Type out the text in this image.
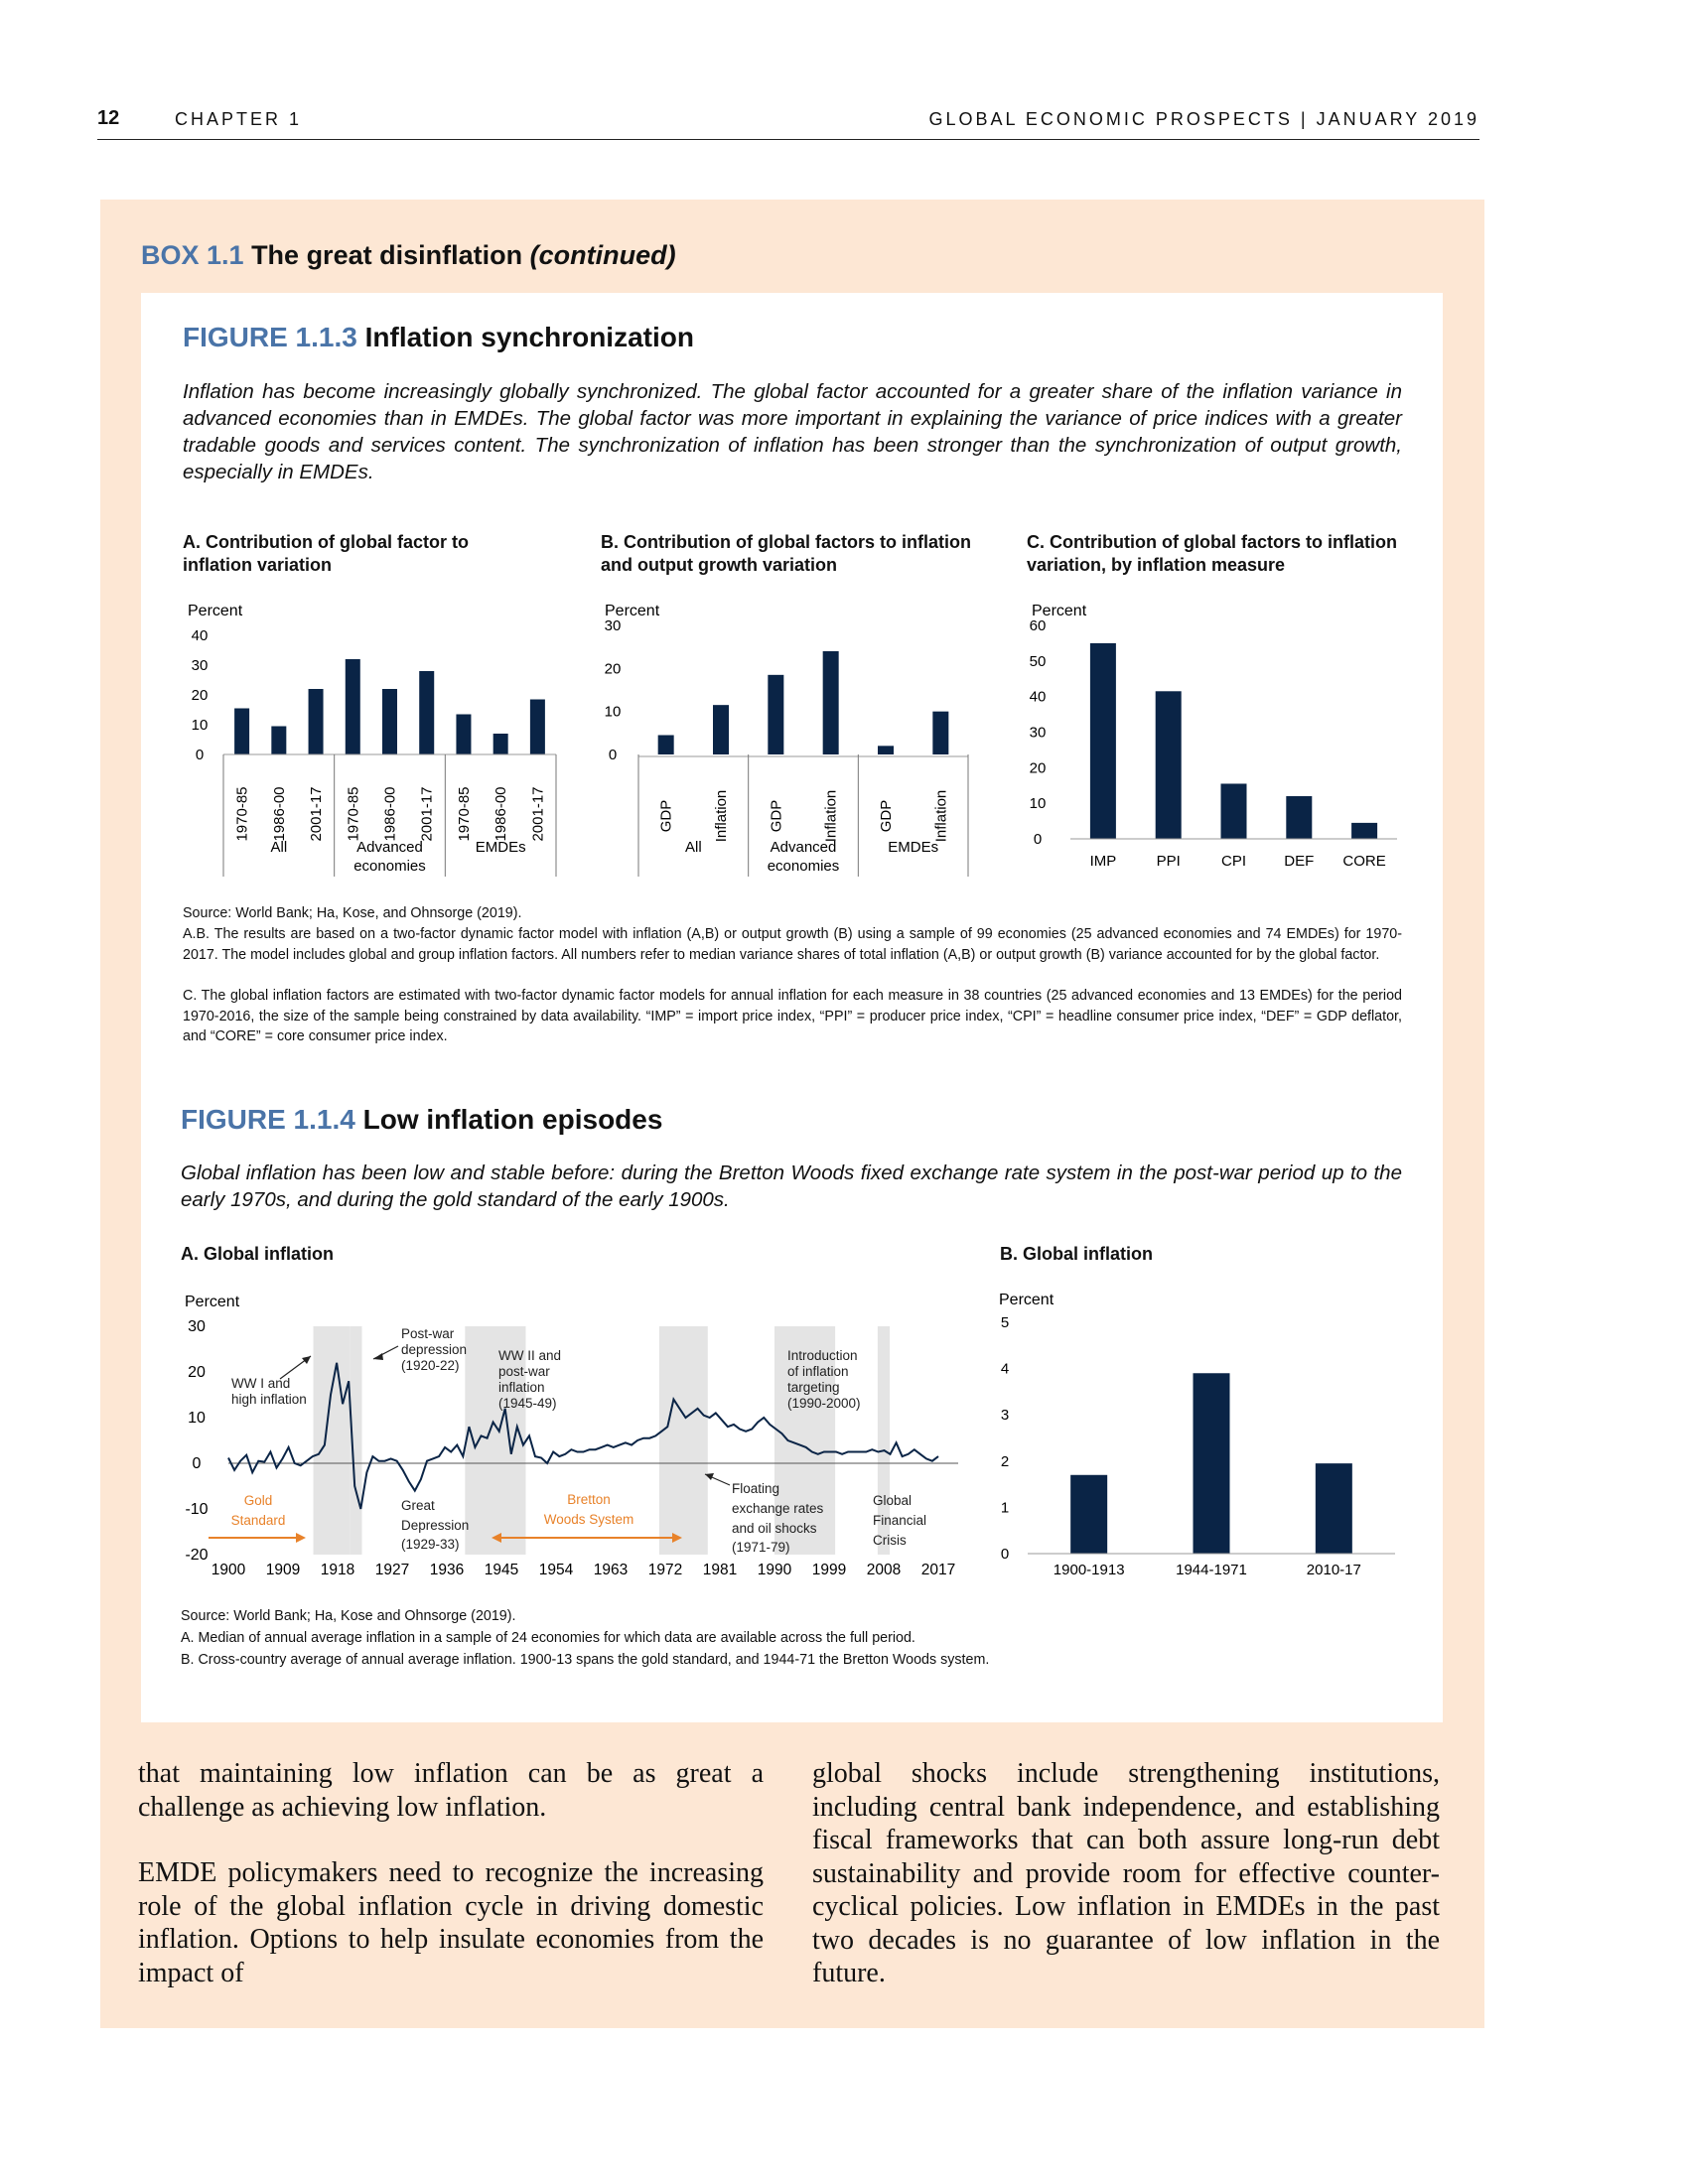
12	CHAPTER 1	GLOBAL ECONOMIC PROSPECTS | JANUARY 2019
BOX 1.1 The great disinflation (continued)
FIGURE 1.1.3 Inflation synchronization
Inflation has become increasingly globally synchronized. The global factor accounted for a greater share of the inflation variance in advanced economies than in EMDEs. The global factor was more important in explaining the variance of price indices with a greater tradable goods and services content. The synchronization of inflation has been stronger than the synchronization of output growth, especially in EMDEs.
A. Contribution of global factor to inflation variation
B. Contribution of global factors to inflation and output growth variation
C. Contribution of global factors to inflation variation, by inflation measure
Percent
0
10
20
30
40
1970-85 1986-00 2001-17 1970-85 1986-00 2001-17 1970-85 1986-00 2001-17
All	Advanced economies
EMDEs
Percent
0
10
20
30
GDP	Inflation	GDP	Inflation	GDP	Inflation
All	Advanced economies
EMDEs
Percent
0
10
20
30
40
50
60
IMP	PPI	CPI	DEF CORE
Source: World Bank; Ha, Kose, and Ohnsorge (2019).
A.B. The results are based on a two-factor dynamic factor model with inflation (A,B) or output growth (B) using a sample of 99 economies (25 advanced economies and 74 EMDEs) for 1970-2017. The model includes global and group inflation factors. All numbers refer to median variance shares of total inflation (A,B) or output growth (B) variance accounted for by the global factor.
C. The global inflation factors are estimated with two-factor dynamic factor models for annual inflation for each measure in 38 countries (25 advanced economies and 13 EMDEs) for the period 1970-2016, the size of the sample being constrained by data availability. “IMP” = import price index, “PPI” = producer price index, “CPI” = headline consumer price index, “DEF” = GDP deflator, and “CORE” = core consumer price index.
FIGURE 1.1.4 Low inflation episodes
Global inflation has been low and stable before: during the Bretton Woods fixed exchange rate system in the post-war period up to the early 1970s, and during the gold standard of the early 1900s.
A. Global inflation	B. Global inflation
Percent
-20
-10
0
10
20
30
1900 1909 1918 1927 1936 1945 1954 1963 1972 1981 1990 1999 2008 2017
WW I and high inflation
Post-war depression (1920-22)
WW II and post-war inflation (1945-49)
Introduction of inflation targeting (1990-2000)
Great Depression (1929-33)
Floating exchange rates and oil shocks (1971-79)
Global Financial Crisis
Gold Standard
Bretton Woods System
Percent
0
1
2
3
4
5
1900-1913	1944-1971	2010-17
Source: World Bank; Ha, Kose and Ohnsorge (2019).
A. Median of annual average inflation in a sample of 24 economies for which data are available across the full period.
B. Cross-country average of annual average inflation. 1900-13 spans the gold standard, and 1944-71 the Bretton Woods system.
that maintaining low inflation can be as great a challenge as achieving low inflation.
EMDE policymakers need to recognize the increasing role of the global inflation cycle in driving domestic inflation. Options to help insulate economies from the impact of
global shocks include strengthening institutions, including central bank independence, and establishing fiscal frameworks that can both assure long-run debt sustainability and provide room for effective counter-cyclical policies. Low inflation in EMDEs in the past two decades is no guarantee of low inflation in the future.
